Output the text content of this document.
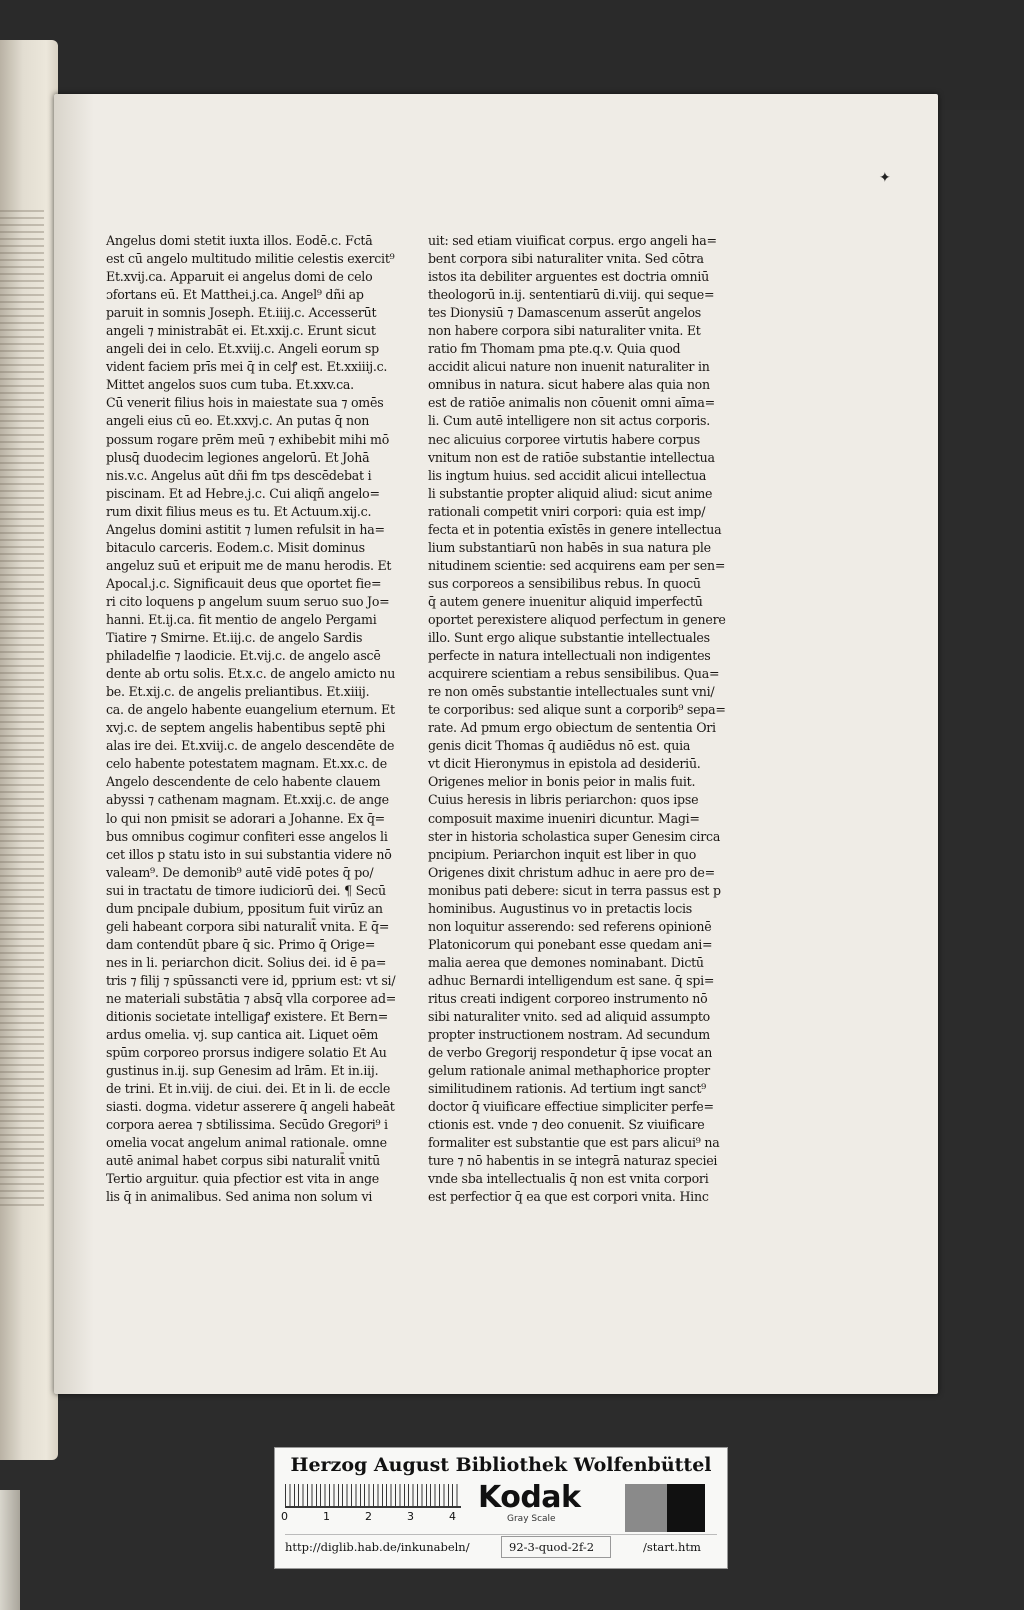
✦
Angelus domi stetit iuxta illos. Eodē.c. Fctā
est cū angelo multitudo militie celestis exercit⁹
Et.xvij.ca. Apparuit ei angelus domi de celo
ɔfortans eū. Et Matthei.j.ca. Angel⁹ dñi ap
paruit in somnis Joseph. Et.iiij.c. Accesserūt
angeli ⁊ ministrabāt ei. Et.xxij.c. Erunt sicut
angeli dei in celo. Et.xviij.c. Angeli eorum sp
vident faciem prīs mei q̄ in celꝭ est. Et.xxiiij.c.
Mittet angelos suos cum tuba. Et.xxv.ca.
Cū venerit filius hois in maiestate sua ⁊ omēs
angeli eius cū eo. Et.xxvj.c. An putas q̄ non
possum rogare prēm meū ⁊ exhibebit mihi mō
plusq̄ duodecim legiones angelorū. Et Johā
nis.v.c. Angelus aūt dñi fm tps descēdebat i
piscinam. Et ad Hebre.j.c. Cui aliqñ angelo=
rum dixit filius meus es tu. Et Actuum.xij.c.
Angelus domini astitit ⁊ lumen refulsit in ha=
bitaculo carceris. Eodem.c. Misit dominus
angeluz suū et eripuit me de manu herodis. Et
Apocal.j.c. Significauit deus que oportet fie=
ri cito loquens p angelum suum seruo suo Jo=
hanni. Et.ij.ca. fit mentio de angelo Pergami
Tiatire ⁊ Smirne. Et.iij.c. de angelo Sardis
philadelfie ⁊ laodicie. Et.vij.c. de angelo ascē
dente ab ortu solis. Et.x.c. de angelo amicto nu
be. Et.xij.c. de angelis preliantibus. Et.xiiij.
ca. de angelo habente euangelium eternum. Et
xvj.c. de septem angelis habentibus septē phi
alas ire dei. Et.xviij.c. de angelo descendēte de
celo habente potestatem magnam. Et.xx.c. de
Angelo descendente de celo habente clauem
abyssi ⁊ cathenam magnam. Et.xxij.c. de ange
lo qui non pmisit se adorari a Johanne. Ex q̄=
bus omnibus cogimur confiteri esse angelos li
cet illos p statu isto in sui substantia videre nō
valeam⁹. De demonib⁹ autē vidē potes q̄ po/
sui in tractatu de timore iudiciorū dei. ¶ Secū
dum pncipale dubium, ppositum fuit virūz an
geli habeant corpora sibi naturalit̄ vnita. E q̄=
dam contendūt pbare q̄ sic. Primo q̄ Orige=
nes in li. periarchon dicit. Solius dei. id ē pa=
tris ⁊ filij ⁊ spūssancti vere id, pprium est: vt si/
ne materiali substātia ⁊ absq̄ vlla corporee ad=
ditionis societate intelligaꝭ existere. Et Bern=
ardus omelia. vj. sup cantica ait. Liquet oēm
spūm corporeo prorsus indigere solatio Et Au
gustinus in.ij. sup Genesim ad lrām. Et in.iij.
de trini. Et in.viij. de ciui. dei. Et in li. de eccle
siasti. dogma. videtur asserere q̄ angeli habeāt
corpora aerea ⁊ sbtilissima. Secūdo Gregori⁹ i
omelia vocat angelum animal rationale. omne
autē animal habet corpus sibi naturalit̄ vnitū
Tertio arguitur. quia pfectior est vita in ange
lis q̄ in animalibus. Sed anima non solum vi
uit: sed etiam viuificat corpus. ergo angeli ha=
bent corpora sibi naturaliter vnita. Sed cōtra
istos ita debiliter arguentes est doctria omniū
theologorū in.ij. sententiarū di.viij. qui seque=
tes Dionysiū ⁊ Damascenum asserūt angelos
non habere corpora sibi naturaliter vnita. Et
ratio fm Thomam pma pte.q.v. Quia quod
accidit alicui nature non inuenit naturaliter in
omnibus in natura. sicut habere alas quia non
est de ratiōe animalis non cōuenit omni aīma=
li. Cum autē intelligere non sit actus corporis.
nec alicuius corporee virtutis habere corpus
vnitum non est de ratiōe substantie intellectua
lis ingtum huius. sed accidit alicui intellectua
li substantie propter aliquid aliud: sicut anime
rationali competit vniri corpori: quia est imp/
fecta et in potentia exīstēs in genere intellectua
lium substantiarū non habēs in sua natura ple
nitudinem scientie: sed acquirens eam per sen=
sus corporeos a sensibilibus rebus. In quocū
q̄ autem genere inuenitur aliquid imperfectū
oportet perexistere aliquod perfectum in genere
illo. Sunt ergo alique substantie intellectuales
perfecte in natura intellectuali non indigentes
acquirere scientiam a rebus sensibilibus. Qua=
re non omēs substantie intellectuales sunt vni/
te corporibus: sed alique sunt a corporib⁹ sepa=
rate. Ad pmum ergo obiectum de sententia Ori
genis dicit Thomas q̄ audiēdus nō est. quia
vt dicit Hieronymus in epistola ad desideriū.
Origenes melior in bonis peior in malis fuit.
Cuius heresis in libris periarchon: quos ipse
composuit maxime inueniri dicuntur. Magi=
ster in historia scholastica super Genesim circa
pncipium. Periarchon inquit est liber in quo
Origenes dixit christum adhuc in aere pro de=
monibus pati debere: sicut in terra passus est p
hominibus. Augustinus vo in pretactis locis
non loquitur asserendo: sed referens opinionē
Platonicorum qui ponebant esse quedam ani=
malia aerea que demones nominabant. Dictū
adhuc Bernardi intelligendum est sane. q̄ spi=
ritus creati indigent corporeo instrumento nō
sibi naturaliter vnito. sed ad aliquid assumpto
propter instructionem nostram. Ad secundum
de verbo Gregorij respondetur q̄ ipse vocat an
gelum rationale animal methaphorice propter
similitudinem rationis. Ad tertium ingt sanct⁹
doctor q̄ viuificare effectiue simpliciter perfe=
ctionis est. vnde ⁊ deo conuenit. Sz viuificare
formaliter est substantie que est pars alicui⁹ na
ture ⁊ nō habentis in se integrā naturaz speciei
vnde sba intellectualis q̄ non est vnita corpori
est perfectior q̄ ea que est corpori vnita. Hinc
Herzog August Bibliothek Wolfenbüttel
0	1	2	3	4
Kodak
Gray Scale
http://diglib.hab.de/inkunabeln/	92-3-quod-2f-2	/start.htm
